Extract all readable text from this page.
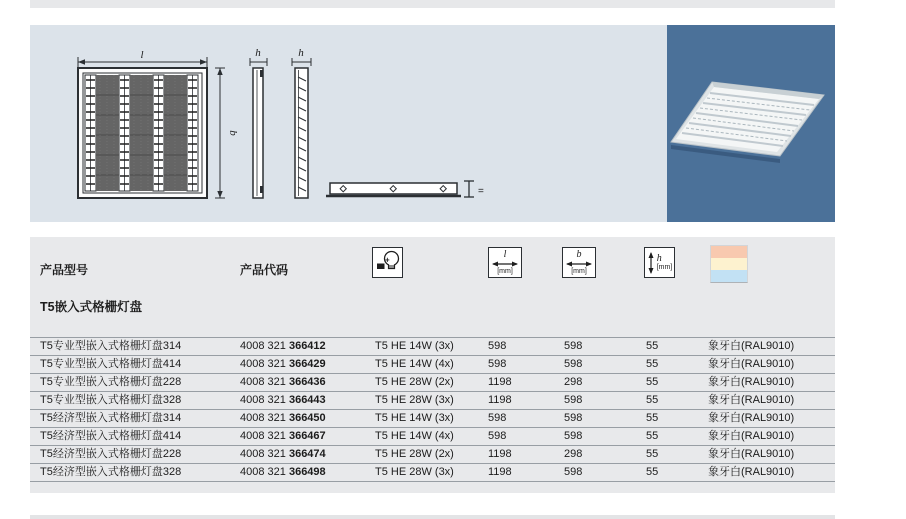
l
b
h	h
=
产品型号	产品代码
+
l
[mm]
b
[mm]
h
[mm]
T5嵌入式格栅灯盘
T5专业型嵌入式格栅灯盘314	4008 321 366412	T5 HE 14W (3x)	598	598	55	象牙白(RAL9010)
T5专业型嵌入式格栅灯盘414	4008 321 366429	T5 HE 14W (4x)	598	598	55	象牙白(RAL9010)
T5专业型嵌入式格栅灯盘228	4008 321 366436	T5 HE 28W (2x)	1198	298	55	象牙白(RAL9010)
T5专业型嵌入式格栅灯盘328	4008 321 366443	T5 HE 28W (3x)	1198	598	55	象牙白(RAL9010)
T5经济型嵌入式格栅灯盘314	4008 321 366450	T5 HE 14W (3x)	598	598	55	象牙白(RAL9010)
T5经济型嵌入式格栅灯盘414	4008 321 366467	T5 HE 14W (4x)	598	598	55	象牙白(RAL9010)
T5经济型嵌入式格栅灯盘228	4008 321 366474	T5 HE 28W (2x)	1198	298	55	象牙白(RAL9010)
T5经济型嵌入式格栅灯盘328	4008 321 366498	T5 HE 28W (3x)	1198	598	55	象牙白(RAL9010)
